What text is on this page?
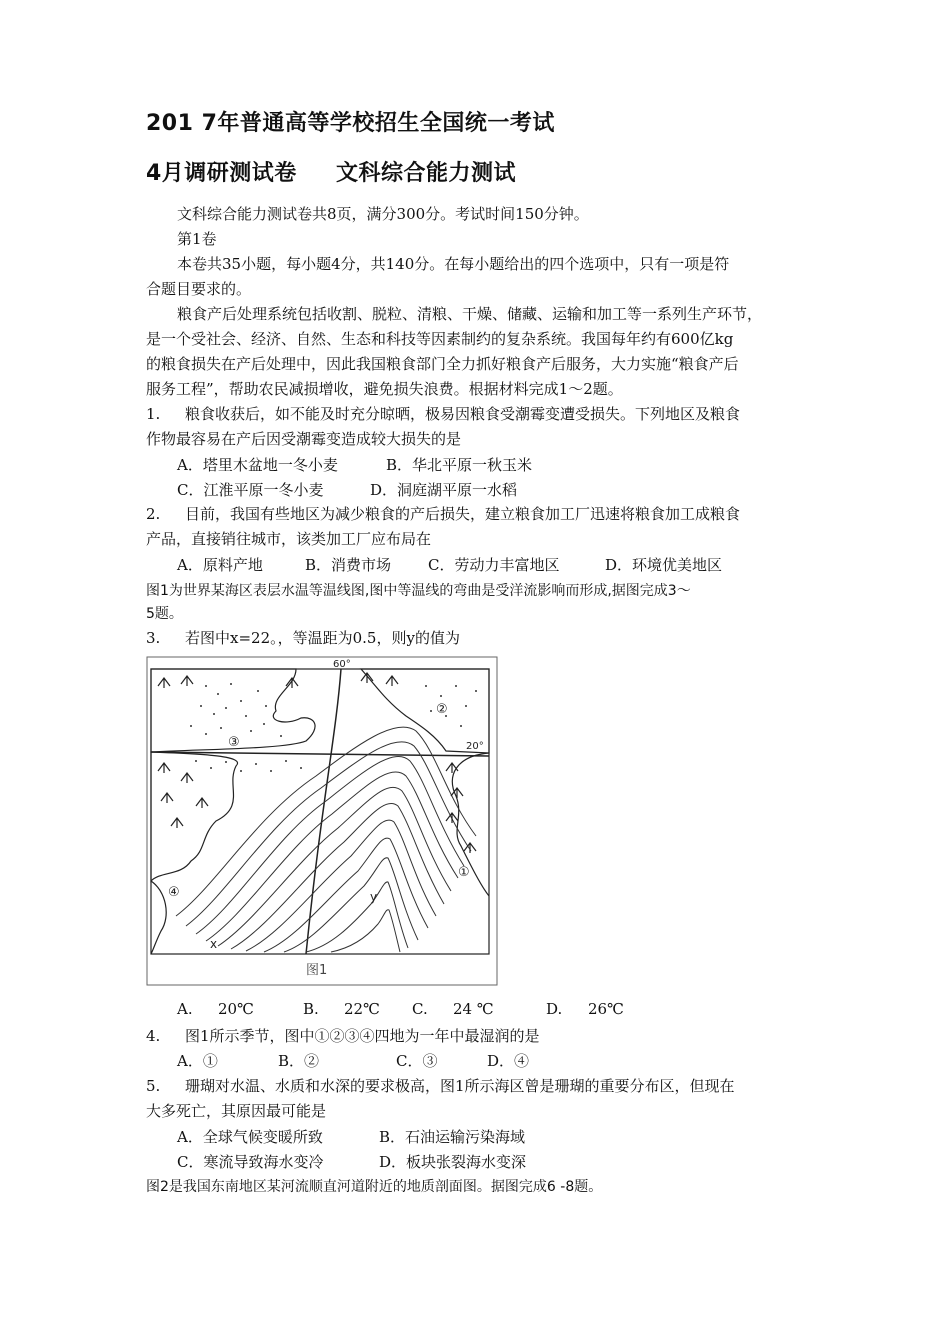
201 7年普通高等学校招生全国统一考试
4月调研测试卷 文科综合能力测试
文科综合能力测试卷共8页，满分300分。考试时间150分钟。
第1卷
本卷共35小题，每小题4分，共140分。在每小题给出的四个选项中，只有一项是符
合题目要求的。
粮食产后处理系统包括收割、脱粒、清粮、干燥、储藏、运输和加工等一系列生产环节，
是一个受社会、经济、自然、生态和科技等因素制约的复杂系统。我国每年约有600亿kg
的粮食损失在产后处理中，因此我国粮食部门全力抓好粮食产后服务，大力实施“粮食产后
服务工程”，帮助农民减损增收，避免损失浪费。根据材料完成1～2题。
1. 粮食收获后，如不能及时充分晾晒，极易因粮食受潮霉变遭受损失。下列地区及粮食
作物最容易在产后因受潮霉变造成较大损失的是
A．塔里木盆地一冬小麦	B．华北平原一秋玉米
C．江淮平原一冬小麦	D．洞庭湖平原一水稻
2. 目前，我国有些地区为减少粮食的产后损失，建立粮食加工厂迅速将粮食加工成粮食
产品，直接销往城市，该类加工厂应布局在
A．原料产地	B．消费市场 C．劳动力丰富地区	D．环境优美地区
图1为世界某海区表层水温等温线图,图中等温线的弯曲是受洋流影响而形成,据图完成3～
5题。
3. 若图中x=22。，等温距为0.5，则y的值为
60°
20°
x
y
①
②
③
④
图1
A. 20℃	B. 22℃ C. 24 ℃	D. 26℃
4. 图1所示季节，图中①②③④四地为一年中最湿润的是
A．①	B．②	C．③	D．④
5. 珊瑚对水温、水质和水深的要求极高，图1所示海区曾是珊瑚的重要分布区，但现在
大多死亡，其原因最可能是
A．全球气候变暖所致	B．石油运输污染海域
C．寒流导致海水变冷	D．板块张裂海水变深
图2是我国东南地区某河流顺直河道附近的地质剖面图。据图完成6 -8题。
